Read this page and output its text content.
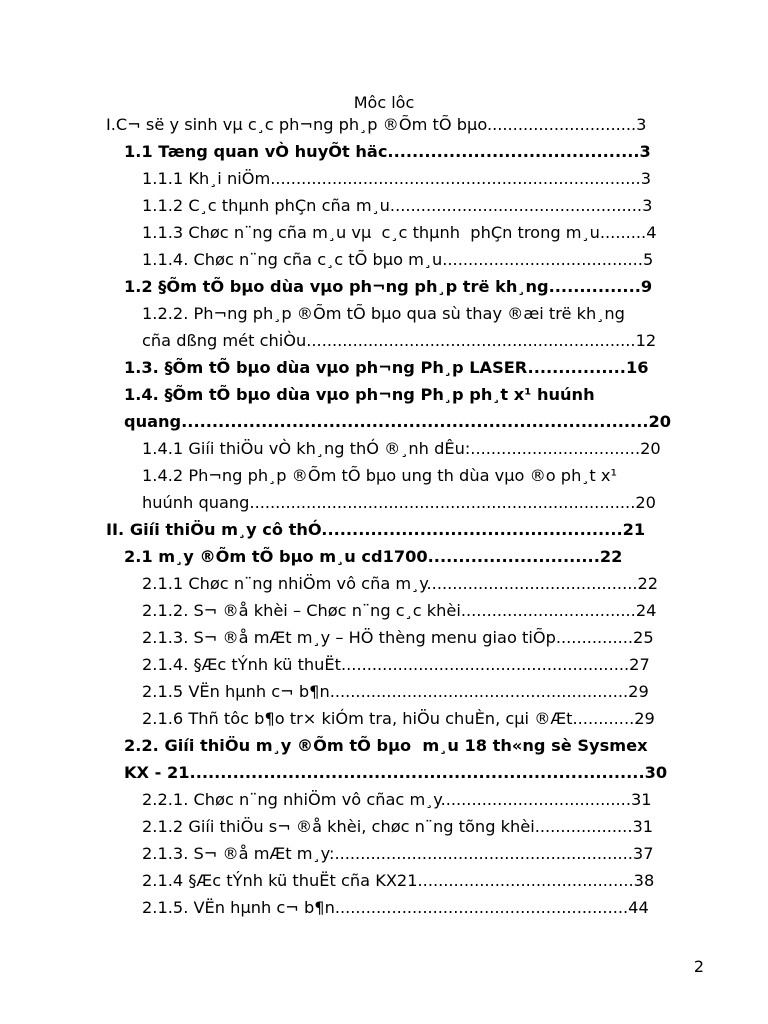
Môc lôc
I.C¬ së y sinh vµ c¸c ph¬ng ph¸p ®Õm tÕ bµo.............................3
1.1 Tæng quan vÒ huyÕt häc.........................................3
1.1.1 Kh¸i niÖm........................................................................3
1.1.2 C¸c thµnh phÇn cña m¸u.................................................3
1.1.3 Chøc n¨ng cña m¸u vµ  c¸c thµnh  phÇn trong m¸u.........4
1.1.4. Chøc n¨ng cña c¸c tÕ bµo m¸u.......................................5
1.2 §Õm tÕ bµo dùa vµo ph¬ng ph¸p trë kh¸ng...............9
1.2.2. Ph¬ng ph¸p ®Õm tÕ bµo qua sù thay ®æi trë kh¸ng
cña dßng mét chiÒu................................................................12
1.3. §Õm tÕ bµo dùa vµo ph¬ng Ph¸p LASER................16
1.4. §Õm tÕ bµo dùa vµo ph¬ng Ph¸p ph¸t x¹ huúnh
quang............................................................................20
1.4.1 Giíi thiÖu vÒ kh¸ng thÓ ®¸nh dÊu:.................................20
1.4.2 Ph¬ng ph¸p ®Õm tÕ bµo ung th dùa vµo ®o ph¸t x¹
huúnh quang...........................................................................20
II. Giíi thiÖu m¸y cô thÓ.................................................21
2.1 m¸y ®Õm tÕ bµo m¸u cd1700............................22
2.1.1 Chøc n¨ng nhiÖm vô cña m¸y.........................................22
2.1.2. S¬ ®å khèi – Chøc n¨ng c¸c khèi..................................24
2.1.3. S¬ ®å mÆt m¸y – HÖ thèng menu giao tiÕp...............25
2.1.4. §Æc tÝnh kü thuËt........................................................27
2.1.5 VËn hµnh c¬ b¶n..........................................................29
2.1.6 Thñ tôc b¶o tr× kiÓm tra, hiÖu chuÈn, cµi ®Æt............29
2.2. Giíi thiÖu m¸y ®Õm tÕ bµo  m¸u 18 th«ng sè Sysmex
KX - 21..........................................................................30
2.2.1. Chøc n¨ng nhiÖm vô cñac m¸y.....................................31
2.1.2 Giíi thiÖu s¬ ®å khèi, chøc n¨ng tõng khèi...................31
2.1.3. S¬ ®å mÆt m¸y:..........................................................37
2.1.4 §Æc tÝnh kü thuËt cña KX21..........................................38
2.1.5. VËn hµnh c¬ b¶n.........................................................44
2
